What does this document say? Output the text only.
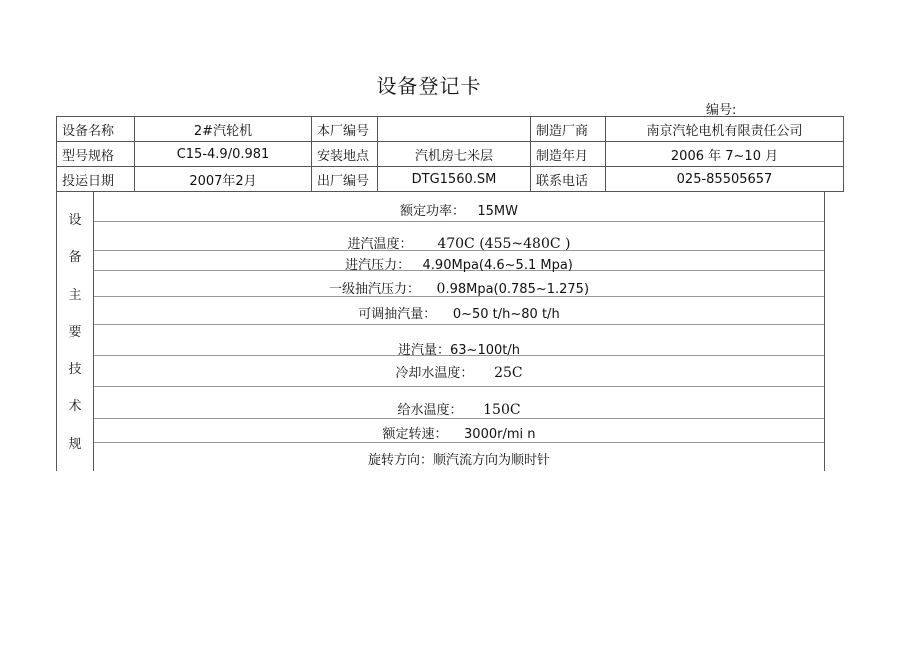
设备登记卡
编号:
设备名称	2#汽轮机	本厂编号		制造厂商	南京汽轮电机有限责任公司
型号规格	C15-4.9/0.981	安装地点	汽机房七米层	制造年月	2006 年 7~10 月
投运日期	2007年2月	出厂编号	DTG1560.SM	联系电话	025-85505657
设
备
主
要
技
术
规
额定功率： 15MW
进汽温度： 470C (455~480C )
进汽压力： 4.90Mpa(4.6~5.1 Mpa)
一级抽汽压力： 0.98Mpa(0.785~1.275)
可调抽汽量： 0~50 t/h~80 t/h
进汽量：63~100t/h
冷却水温度： 25C
给水温度： 150C
额定转速： 3000r/mi n
旋转方向：顺汽流方向为顺时针
